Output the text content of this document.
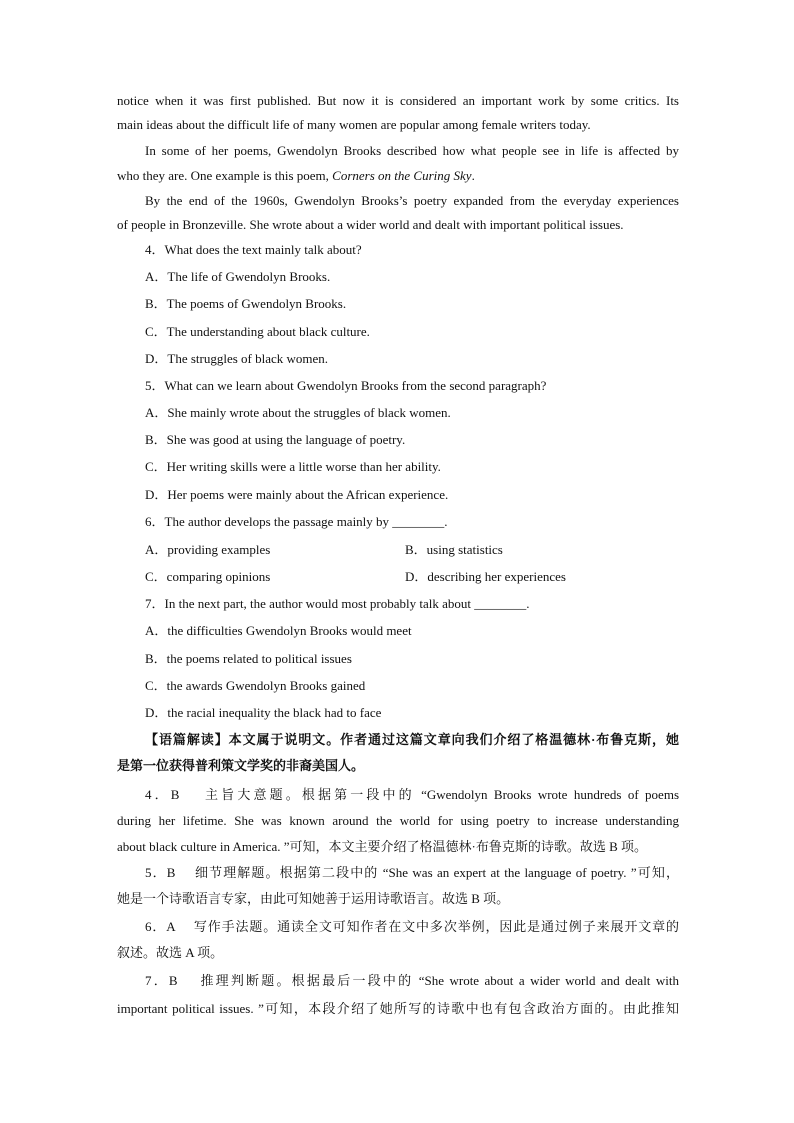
notice when it was first published. But now it is considered an important work by some critics. Its
main ideas about the difficult life of many women are popular among female writers today.
In some of her poems, Gwendolyn Brooks described how what people see in life is affected by
who they are. One example is this poem, Corners on the Curing Sky.
By the end of the 1960s, Gwendolyn Brooks’s poetry expanded from the everyday experiences
of people in Bronzeville. She wrote about a wider world and dealt with important political issues.
4．What does the text mainly talk about?
A．The life of Gwendolyn Brooks.
B．The poems of Gwendolyn Brooks.
C．The understanding about black culture.
D．The struggles of black women.
5．What can we learn about Gwendolyn Brooks from the second paragraph?
A．She mainly wrote about the struggles of black women.
B．She was good at using the language of poetry.
C．Her writing skills were a little worse than her ability.
D．Her poems were mainly about the African experience.
6．The author develops the passage mainly by ________.
A．providing examples	B．using statistics
C．comparing opinions	D．describing her experiences
7．In the next part, the author would most probably talk about ________.
A．the difficulties Gwendolyn Brooks would meet
B．the poems related to political issues
C．the awards Gwendolyn Brooks gained
D．the racial inequality the black had to face
【语篇解读】本文属于说明文。作者通过这篇文章向我们介绍了格温德林·布鲁克斯，她
是第一位获得普利策文学奖的非裔美国人。
4．B　 主旨大意题。根据第一段中的 “Gwendolyn Brooks wrote hundreds of poems
during her lifetime. She was known around the world for using poetry to increase understanding
about black culture in America. ”可知，本文主要介绍了格温德林·布鲁克斯的诗歌。故选 B 项。
5．B　 细节理解题。根据第二段中的 “She was an expert at the language of poetry. ”可知，
她是一个诗歌语言专家，由此可知她善于运用诗歌语言。故选 B 项。
6．A　 写作手法题。通读全文可知作者在文中多次举例，因此是通过例子来展开文章的
叙述。故选 A 项。
7．B　 推理判断题。根据最后一段中的 “She wrote about a wider world and dealt with
important political issues. ”可知，本段介绍了她所写的诗歌中也有包含政治方面的。由此推知
